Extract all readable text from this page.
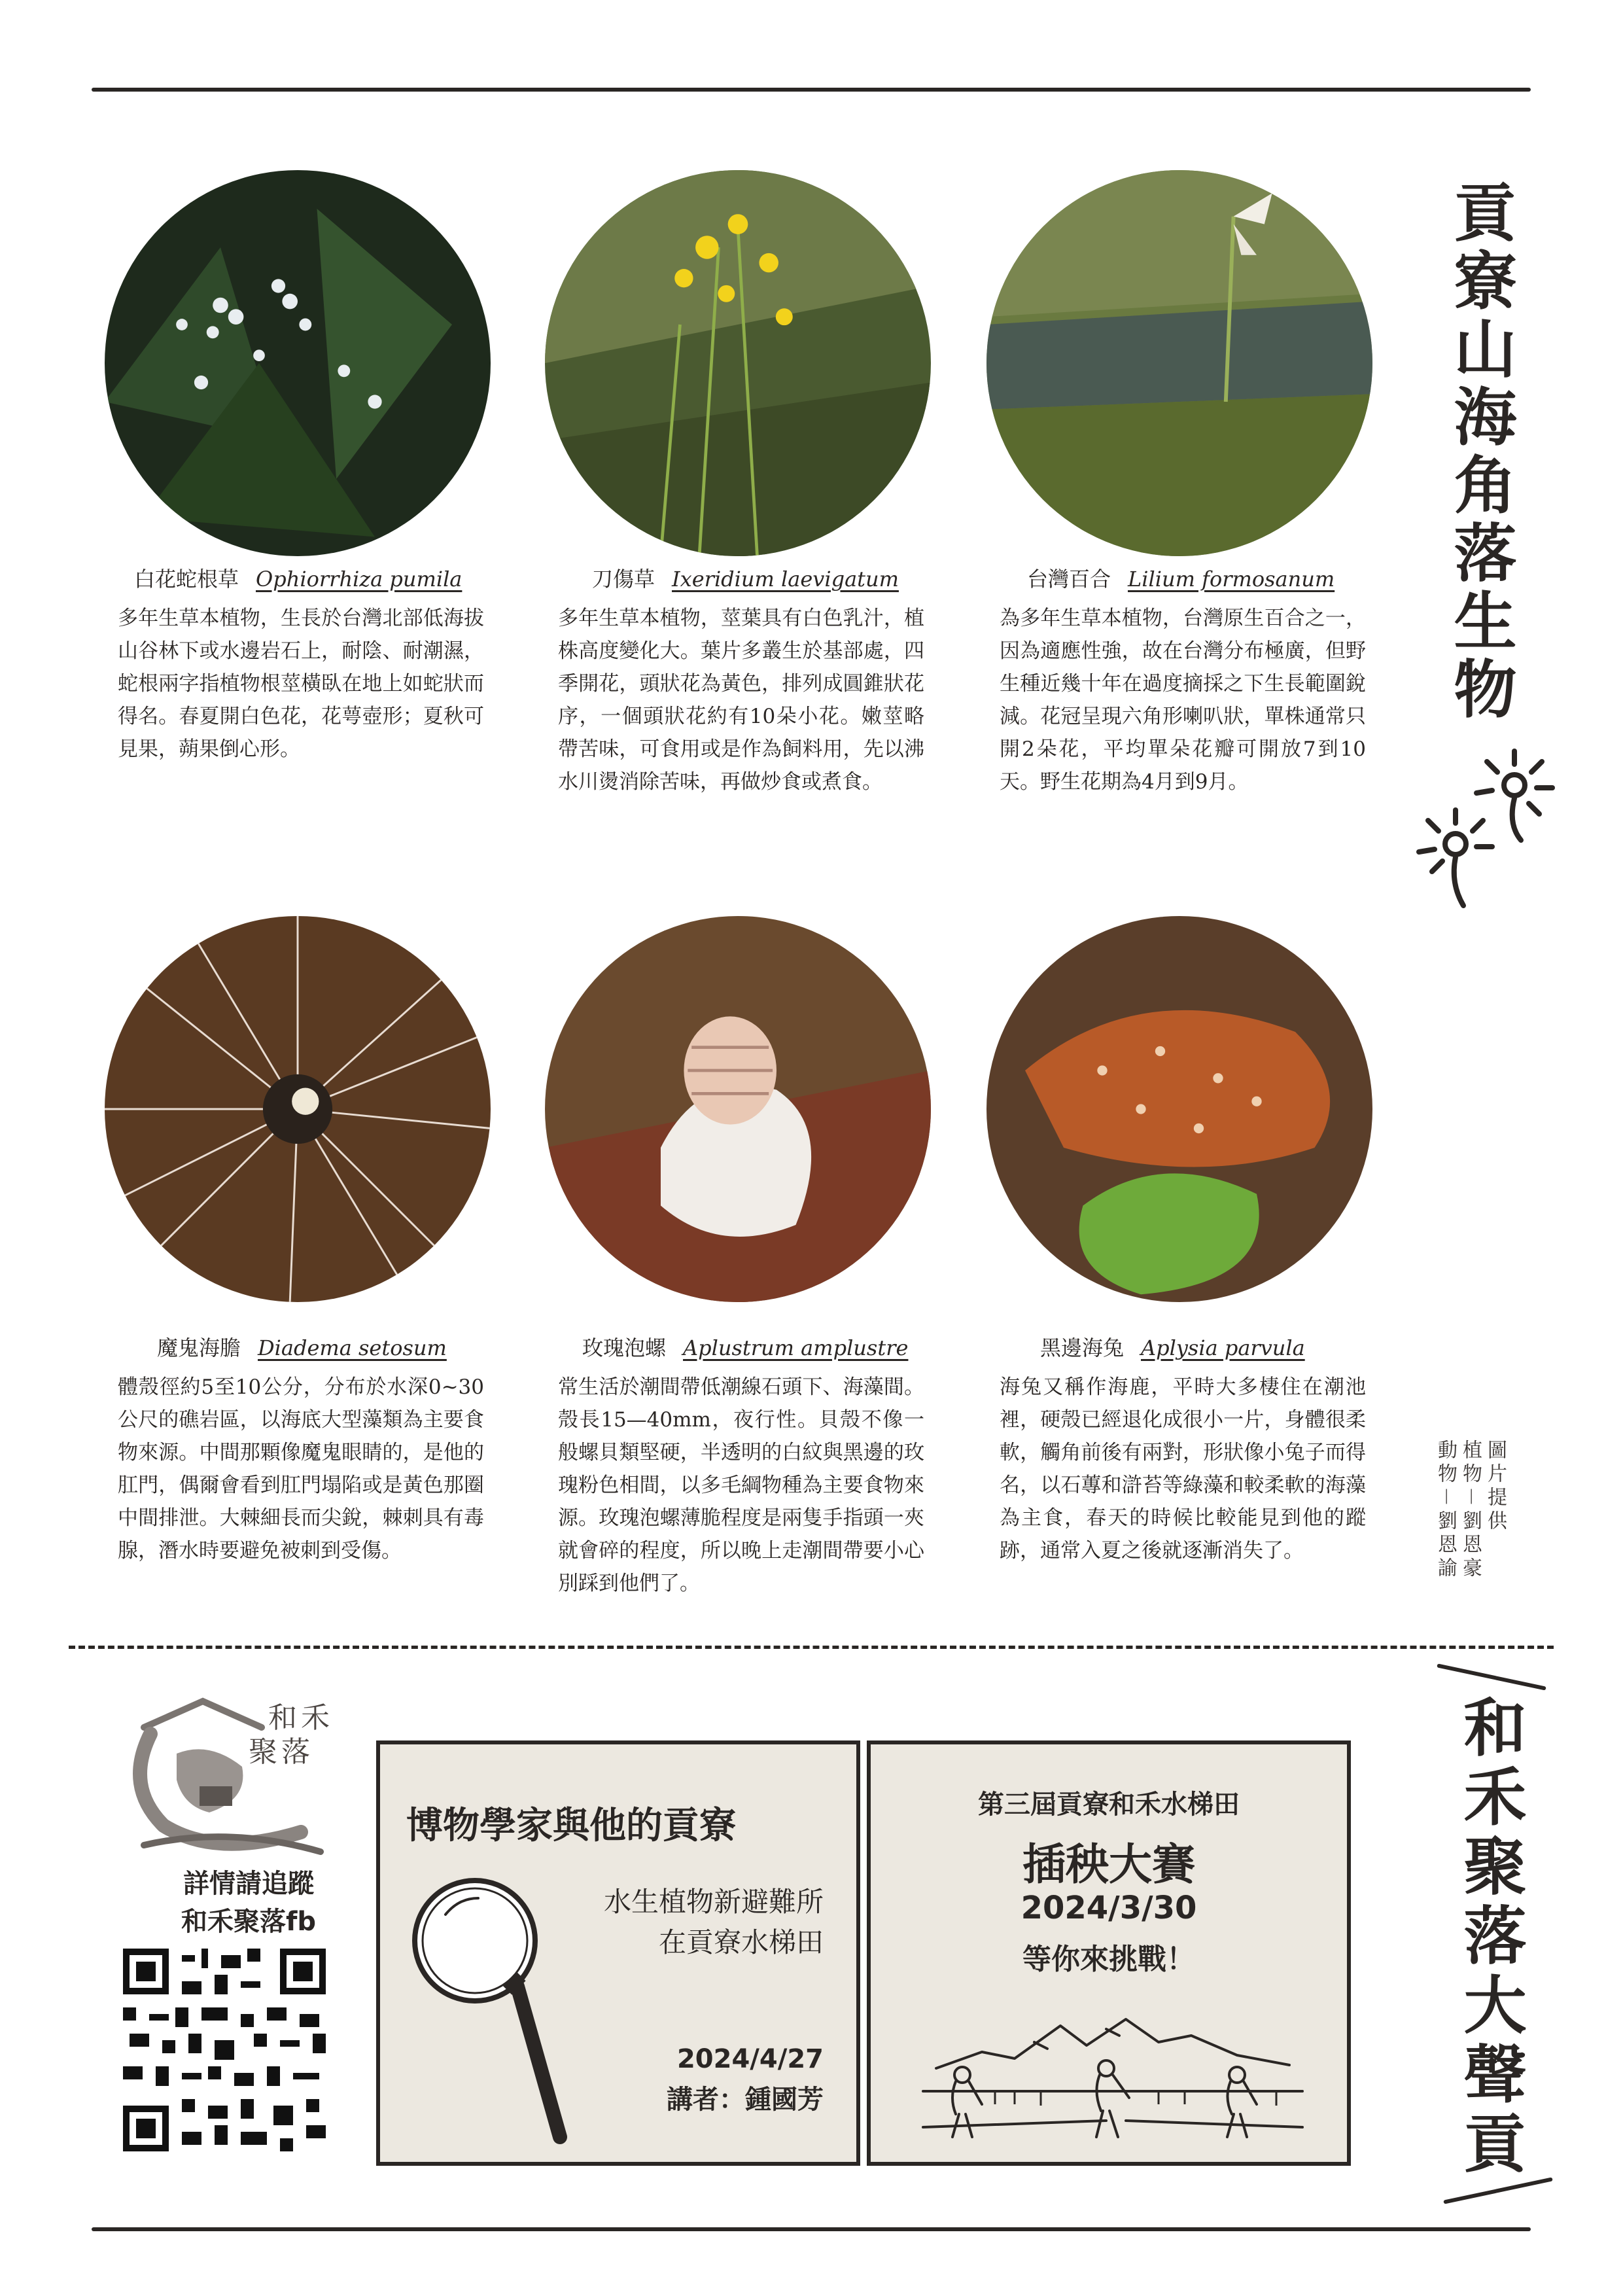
白花蛇根草 Ophiorrhiza pumila	刀傷草 Ixeridium laevigatum	台灣百合 Lilium formosanum
多年生草本植物，生長於台灣北部低海拔山谷林下或水邊岩石上，耐陰、耐潮濕，蛇根兩字指植物根莖橫臥在地上如蛇狀而得名。春夏開白色花，花萼壺形；夏秋可見果，蒴果倒心形。
多年生草本植物，莖葉具有白色乳汁，植株高度變化大。葉片多叢生於基部處，四季開花，頭狀花為黃色，排列成圓錐狀花序，一個頭狀花約有10朵小花。嫩莖略帶苦味，可食用或是作為飼料用，先以沸水川燙消除苦味，再做炒食或煮食。
為多年生草本植物，台灣原生百合之一，因為適應性強，故在台灣分布極廣，但野生種近幾十年在過度摘採之下生長範圍銳減。花冠呈現六角形喇叭狀，單株通常只開2朵花，平均單朵花瓣可開放7到10天。野生花期為4月到9月。
魔鬼海膽 Diadema setosum	玫瑰泡螺 Aplustrum amplustre	黑邊海兔 Aplysia parvula
體殼徑約5至10公分，分布於水深0~30公尺的礁岩區，以海底大型藻類為主要食物來源。中間那顆像魔鬼眼睛的，是他的肛門，偶爾會看到肛門塌陷或是黃色那圈中間排泄。大棘細長而尖銳，棘刺具有毒腺，潛水時要避免被刺到受傷。
常生活於潮間帶低潮線石頭下、海藻間。殼長15—40mm，夜行性。貝殼不像一般螺貝類堅硬，半透明的白紋與黑邊的玫瑰粉色相間，以多毛綱物種為主要食物來源。玫瑰泡螺薄脆程度是兩隻手指頭一夾就會碎的程度，所以晚上走潮間帶要小心別踩到他們了。
海兔又稱作海鹿，平時大多棲住在潮池裡，硬殼已經退化成很小一片，身體很柔軟，觸角前後有兩對，形狀像小兔子而得名，以石蓴和滸苔等綠藻和較柔軟的海藻為主食，春天的時候比較能見到他的蹤跡，通常入夏之後就逐漸消失了。
貢寮山海角落生物
圖片提供
植物－劉恩豪
動物－劉恩諭
和禾聚落大聲貢
和禾
聚落
詳情請追蹤
和禾聚落fb
博物學家與他的貢寮
水生植物新避難所
在貢寮水梯田
2024/4/27
講者：鍾國芳
第三屆貢寮和禾水梯田
插秧大賽
2024/3/30
等你來挑戰！
